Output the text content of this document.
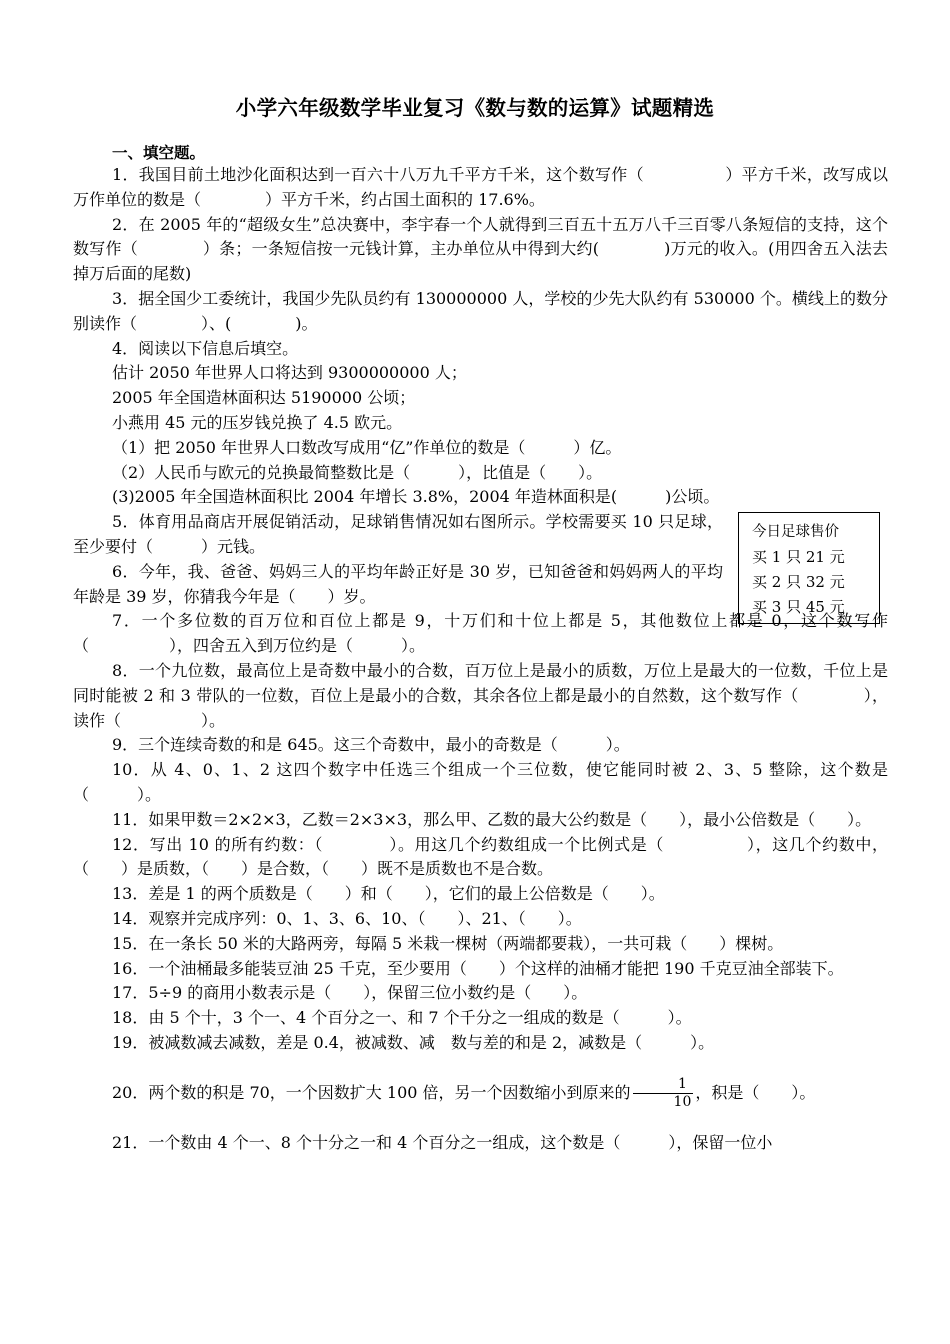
小学六年级数学毕业复习《数与数的运算》试题精选
一、填空题。

1．我国目前土地沙化面积达到一百六十八万九千平方千米，这个数写作（　　　　　）平方千米，改写成以万作单位的数是（　　　　）平方千米，约占国土面积的 17.6%。

2．在 2005 年的“超级女生”总决赛中，李宇春一个人就得到三百五十五万八千三百零八条短信的支持，这个数写作（　　　　）条；一条短信按一元钱计算，主办单位从中得到大约(　　　　)万元的收入。(用四舍五入法去掉万后面的尾数)

3．据全国少工委统计，我国少先队员约有 130000000 人，学校的少先大队约有 530000 个。横线上的数分别读作（　　　　）、(　　　　)。

4．阅读以下信息后填空。

估计 2050 年世界人口将达到 9300000000 人；

2005 年全国造林面积达 5190000 公顷；

小燕用 45 元的压岁钱兑换了 4.5 欧元。

（1）把 2050 年世界人口数改写成用“亿”作单位的数是（　　　）亿。

（2）人民币与欧元的兑换最简整数比是（　　　），比值是（　　）。

(3)2005 年全国造林面积比 2004 年增长 3.8%，2004 年造林面积是(　　　)公顷。

5．体育用品商店开展促销活动，足球销售情况如右图所示。学校需要买 10 只足球，至少要付（　　　）元钱。

6．今年，我、爸爸、妈妈三人的平均年龄正好是 30 岁，已知爸爸和妈妈两人的平均年龄是 39 岁，你猜我今年是（　　）岁。

7．一个多位数的百万位和百位上都是 9，十万们和十位上都是 5，其他数位上都是 0，这个数写作（　　　　　），四舍五入到万位约是（　　　）。

8．一个九位数，最高位上是奇数中最小的合数，百万位上是最小的质数，万位上是最大的一位数，千位上是同时能被 2 和 3 带队的一位数，百位上是最小的合数，其余各位上都是最小的自然数，这个数写作（　　　　），读作（　　　　　）。

9．三个连续奇数的和是 645。这三个奇数中，最小的奇数是（　　　）。

10．从 4、0、1、2 这四个数字中任选三个组成一个三位数，使它能同时被 2、3、5 整除，这个数是（　　　）。

11．如果甲数＝2×2×3，乙数＝2×3×3，那么甲、乙数的最大公约数是（　　），最小公倍数是（　　）。

12．写出 10 的所有约数：（　　　　）。用这几个约数组成一个比例式是（　　　　　），这几个约数中，（　　）是质数，（　　）是合数，（　　）既不是质数也不是合数。

13．差是 1 的两个质数是（　　）和（　　），它们的最上公倍数是（　　）。

14．观察并完成序列：0、1、3、6、10、（　　）、21、（　　）。

15．在一条长 50 米的大路两旁，每隔 5 米栽一棵树（两端都要栽），一共可栽（　　）棵树。

16．一个油桶最多能装豆油 25 千克，至少要用（　　）个这样的油桶才能把 190 千克豆油全部装下。

17．5÷9 的商用小数表示是（　　），保留三位小数约是（　　）。

18．由 5 个十，3 个一、4 个百分之一、和 7 个千分之一组成的数是（　　　）。

19．被减数减去减数，差是 0.4，被减数、减　数与差的和是 2，减数是（　　　）。

20．两个数的积是 70，一个因数扩大 100 倍，另一个因数缩小到原来的 $\frac{1}{10}$ ，积是（　　）。

21．一个数由 4 个一、8 个十分之一和 4 个百分之一组成，这个数是（　　　），保留一位小

今日足球售价
买 1 只 21 元
买 2 只 32 元
买 3 只 45 元
